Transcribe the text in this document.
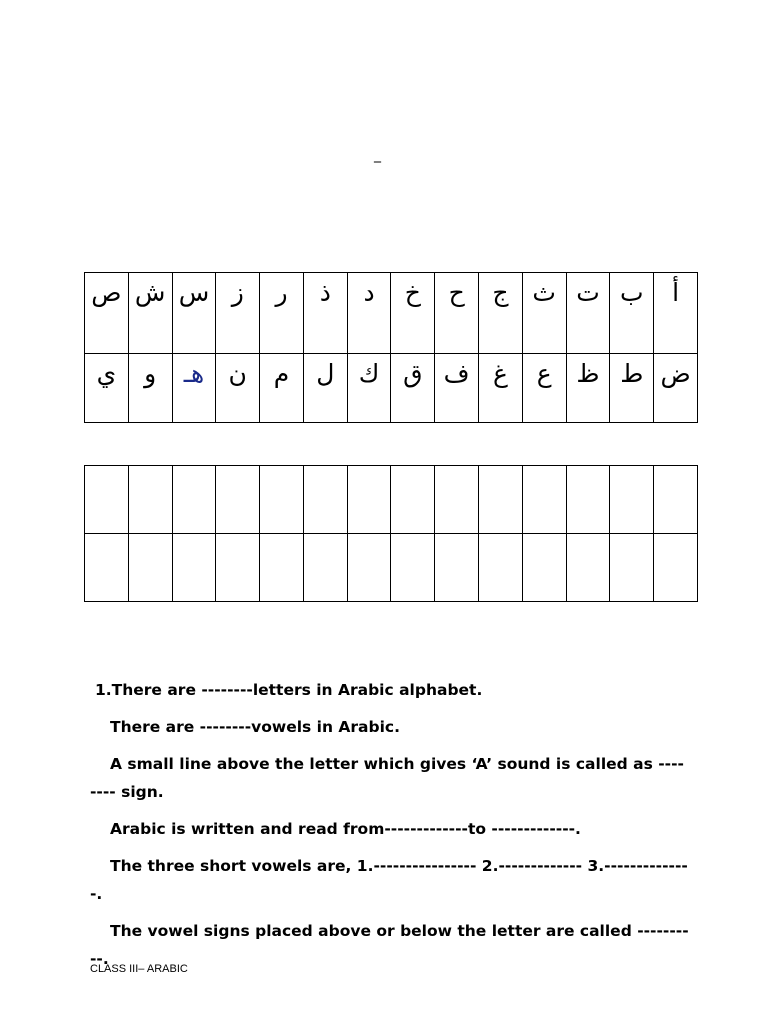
_
ص	ش	س	ز	ر	ذ	د	خ	ح	ج	ث	ت	ب	أ

ي	و	هـ	ن	م	ل	ك	ق	ف	غ	ع	ظ	ط	ض

1.There are --------letters in Arabic alphabet.

There are --------vowels in Arabic.

A small line above the letter which gives ‘A’ sound is called as -------- sign.

Arabic is written and read from-------------to -------------.

The three short vowels are, 1.---------------- 2.------------- 3.--------------.

The vowel signs placed above or below the letter are called ----------.

CLASS III– ARABIC
